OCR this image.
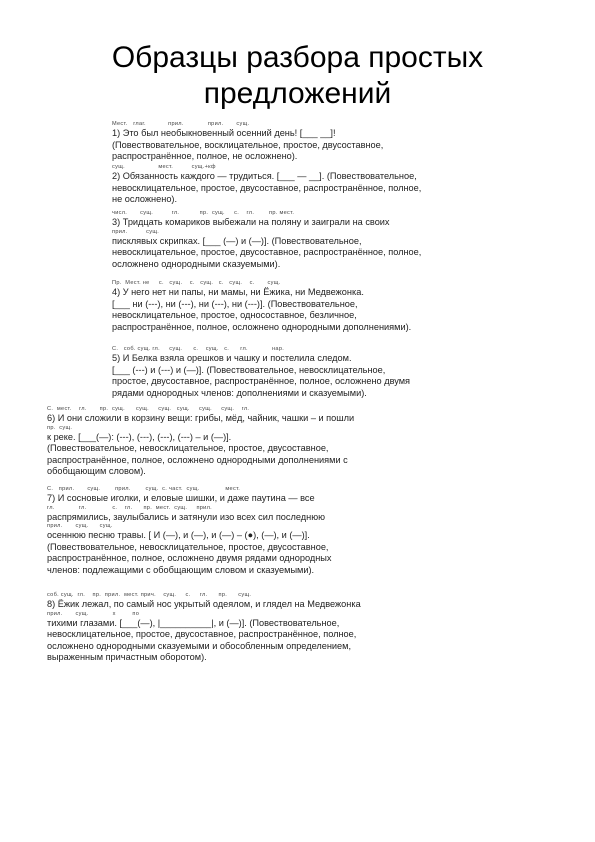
Образцы разбора простых предложений
Мест.   глаг.            прил.             прил.       сущ.
1) Это был необыкновенный осенний день! [___ __]!
(Повествовательное, восклицательное, простое, двусоставное,
распространённое, полное, не осложнено).
сущ.                  мест.          сущ.+кф
2) Обязанность каждого — трудиться. [___ — __]. (Повествовательное,
невосклицательное, простое, двусоставное, распространённое, полное,
не осложнено).
числ.       сущ.          гл.           пр.  сущ.     с.    гл.        пр. мест.
3) Тридцать комариков выбежали на поляну и заиграли на своих
прил.          сущ.
писклявых скрипках. [___ (—) и (—)]. (Повествовательное,
невосклицательное, простое, двусоставное, распространённое, полное,
осложнено однородными сказуемыми).
Пр.  Мест. не     с.   сущ.    с.   сущ.   с.   сущ.    с.       сущ.
4) У него нет ни папы, ни мамы, ни Ёжика, ни Медвежонка.
[___ ни (---), ни (---), ни (---), ни (---)]. (Повествовательное,
невосклицательное, простое, односоставное, безличное,
распространённое, полное, осложнено однородными дополнениями).
С.   соб. сущ. гл.     сущ.      с.    сущ.   с.      гл.             нар.
5) И Белка взяла орешков и чашку и постелила следом.
[___ (---) и (---) и (—)]. (Повествовательное, невосклицательное,
простое, двусоставное, распространённое, полное, осложнено двумя
рядами однородных членов: дополнениями и сказуемыми).
С.  мест.    гл.       пр.  сущ.      сущ.     сущ.   сущ.     сущ.     сущ.    гл.
6) И они сложили в корзину вещи: грибы, мёд, чайник, чашки – и пошли
пр.  сущ.
к реке. [___(—): (---), (---), (---), (---) – и (—)].
(Повествовательное, невосклицательное, простое, двусоставное,
распространённое, полное, осложнено однородными дополнениями с
обобщающим словом).
С.   прил.       сущ.        прил.        сущ.  с. част.  сущ.              мест.
7) И сосновые иголки, и еловые шишки, и даже паутина — все
гл.             гл.              с.    гл.      пр.  мест.  сущ.     прил.
распрямились, заулыбались и затянули изо всех сил последнюю
прил.       сущ.      сущ.
осеннюю песню травы. [ И (—), и (—), и (—) – (●), (—), и (—)].
(Повествовательное, невосклицательное, простое, двусоставное,
распространённое, полное, осложнено двумя рядами однородных
членов: подлежащими с обобщающим словом и сказуемыми).
соб. сущ.  гл.    пр.  прил.  мест. прич.    сущ.     с.     гл.      пр.      сущ.
8) Ёжик лежал, по самый нос укрытый одеялом, и глядел на Медвежонка
прил.       сущ.             x         по
тихими глазами. [___(—), |__________|, и (—)]. (Повествовательное,
невосклицательное, простое, двусоставное, распространённое, полное,
осложнено однородными сказуемыми и обособленным определением,
выраженным причастным оборотом).
